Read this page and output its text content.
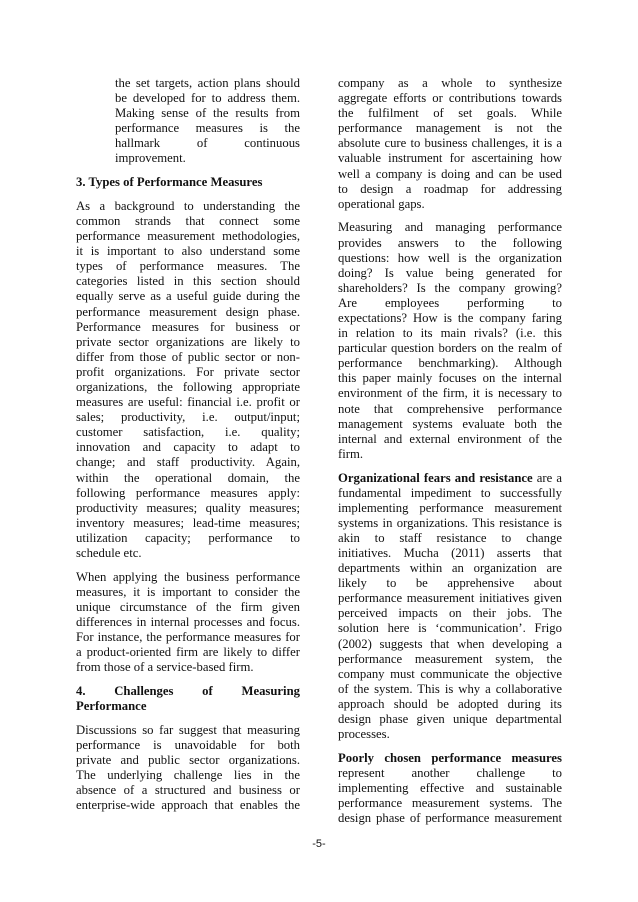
the set targets, action plans should
be developed for to address them.
Making sense of the results from
performance measures is the
hallmark of continuous
improvement.
3. Types of Performance Measures
As a background to understanding the
common strands that connect some
performance measurement methodologies,
it is important to also understand some
types of performance measures. The
categories listed in this section should
equally serve as a useful guide during the
performance measurement design phase.
Performance measures for business or
private sector organizations are likely to
differ from those of public sector or non-
profit organizations. For private sector
organizations, the following appropriate
measures are useful: financial i.e. profit or
sales; productivity, i.e. output/input;
customer satisfaction, i.e. quality;
innovation and capacity to adapt to
change; and staff productivity. Again,
within the operational domain, the
following performance measures apply:
productivity measures; quality measures;
inventory measures; lead-time measures;
utilization capacity; performance to
schedule etc.
When applying the business performance
measures, it is important to consider the
unique circumstance of the firm given
differences in internal processes and focus.
For instance, the performance measures for
a product-oriented firm are likely to differ
from those of a service-based firm.
4. Challenges of Measuring
Performance
Discussions so far suggest that measuring
performance is unavoidable for both
private and public sector organizations.
The underlying challenge lies in the
absence of a structured and business or
enterprise-wide approach that enables the
company as a whole to synthesize
aggregate efforts or contributions towards
the fulfilment of set goals. While
performance management is not the
absolute cure to business challenges, it is a
valuable instrument for ascertaining how
well a company is doing and can be used
to design a roadmap for addressing
operational gaps.
Measuring and managing performance
provides answers to the following
questions: how well is the organization
doing? Is value being generated for
shareholders? Is the company growing?
Are employees performing to
expectations? How is the company faring
in relation to its main rivals? (i.e. this
particular question borders on the realm of
performance benchmarking). Although
this paper mainly focuses on the internal
environment of the firm, it is necessary to
note that comprehensive performance
management systems evaluate both the
internal and external environment of the
firm.
Organizational fears and resistance are a
fundamental impediment to successfully
implementing performance measurement
systems in organizations. This resistance is
akin to staff resistance to change
initiatives. Mucha (2011) asserts that
departments within an organization are
likely to be apprehensive about
performance measurement initiatives given
perceived impacts on their jobs. The
solution here is ‘communication’. Frigo
(2002) suggests that when developing a
performance measurement system, the
company must communicate the objective
of the system. This is why a collaborative
approach should be adopted during its
design phase given unique departmental
processes.
Poorly chosen performance measures
represent another challenge to
implementing effective and sustainable
performance measurement systems. The
design phase of performance measurement
-5-
